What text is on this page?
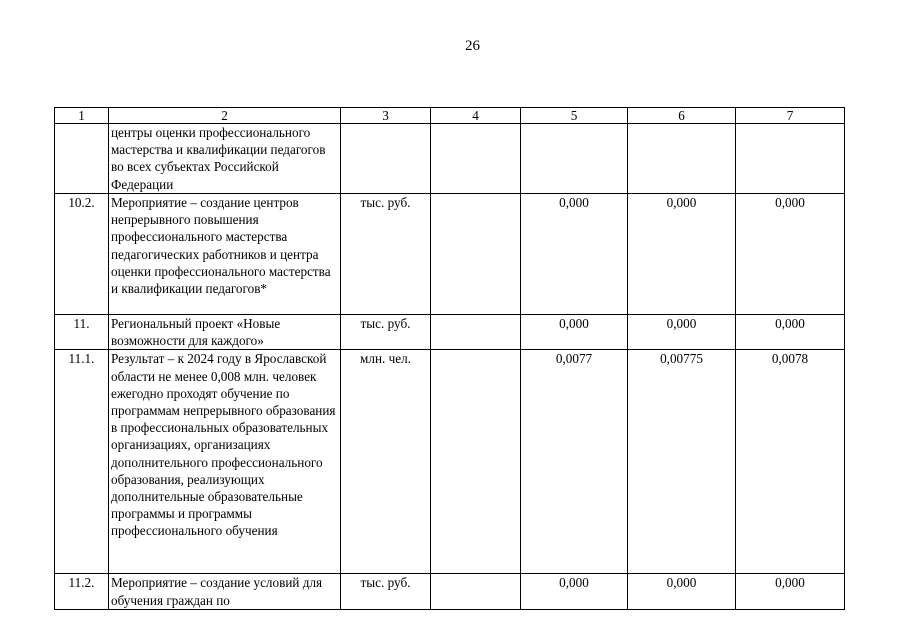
26
1	2	3	4	5	6	7
	центры оценки профессионального мастерства и квалификации педагогов во всех субъектах Российской Федерации					
10.2.	Мероприятие – создание центров непрерывного повышения профессионального мастерства педагогических работников и центра оценки профессионального мастерства и квалификации педагогов*	тыс. руб.		0,000	0,000	0,000
11.	Региональный проект «Новые возможности для каждого»	тыс. руб.		0,000	0,000	0,000
11.1.	Результат – к 2024 году в Ярославской области не менее 0,008 млн. человек ежегодно проходят обучение по программам непрерывного образования в профессиональных образовательных организациях, организациях дополнительного профессионального образования, реализующих дополнительные образовательные программы и программы профессионального обучения	млн. чел.		0,0077	0,00775	0,0078
11.2.	Мероприятие – создание условий для обучения граждан по	тыс. руб.		0,000	0,000	0,000
